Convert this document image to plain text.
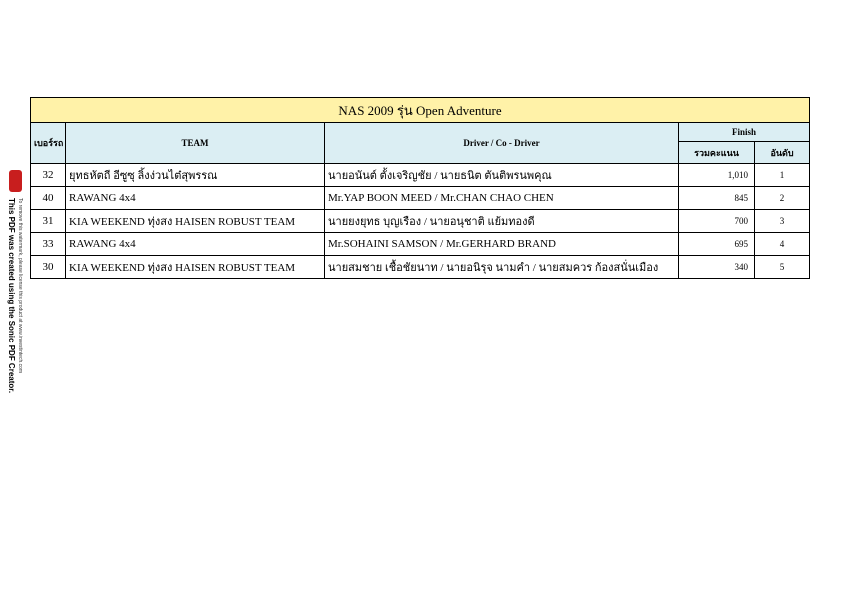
This PDF was created using the Sonic PDF Creator. To remove this watermark, please license this product at www.investintech.com
NAS 2009 รุ่น Open Adventure				
เบอร์รถ	TEAM	Driver / Co - Driver	Finish	
			รวมคะแนน	อันดับ
32	ยุทธหัตถี อีซูซุ ลิ้งง่วนไต๋สุพรรณ	นายอนันต์ ตั้งเจริญชัย / นายธนิต ตันติพรนพคุณ	1,010	1
40	RAWANG 4x4	Mr.YAP BOON MEED / Mr.CHAN CHAO CHEN	845	2
31	KIA WEEKEND ทุ่งสง HAISEN ROBUST TEAM	นายยงยุทธ บุญเรือง / นายอนุชาติ แย้มทองดี	700	3
33	RAWANG 4x4	Mr.SOHAINI SAMSON / Mr.GERHARD BRAND	695	4
30	KIA WEEKEND ทุ่งสง HAISEN ROBUST TEAM	นายสมชาย เชื้อชัยนาท / นายอนิรุจ นามคำ / นายสมควร ก้องสนั่นเมือง	340	5
